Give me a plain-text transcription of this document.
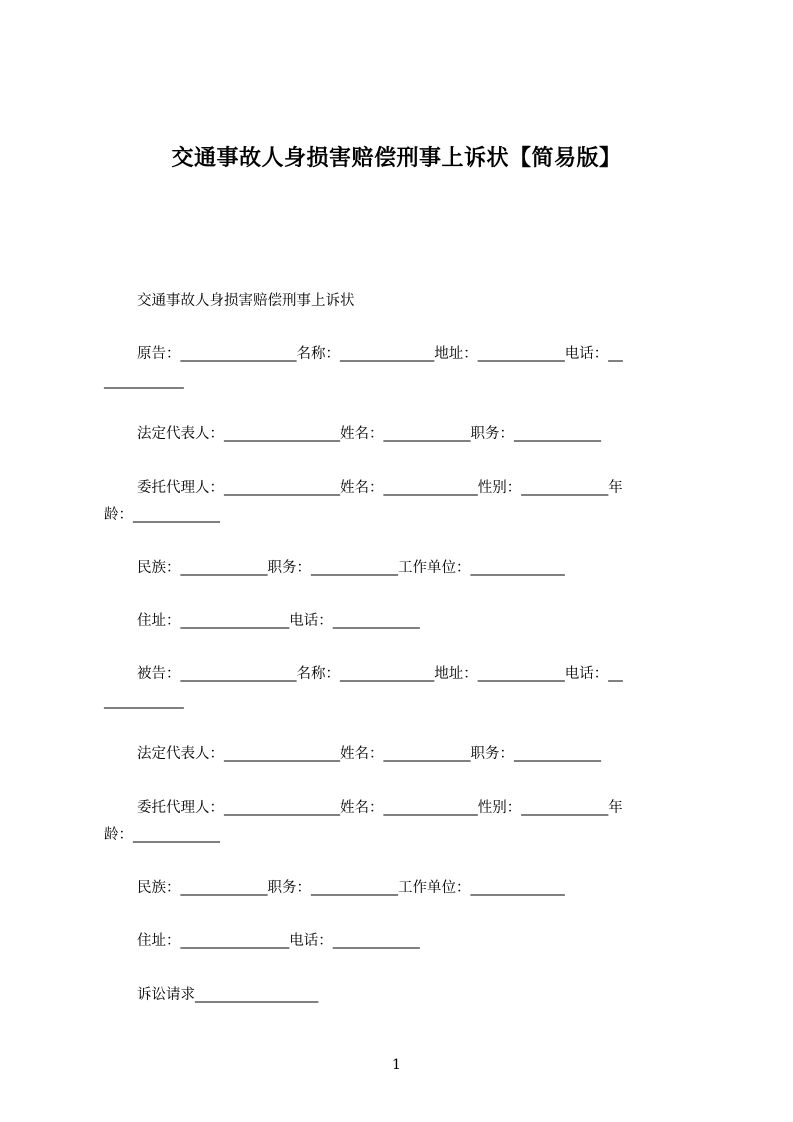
交通事故人身损害赔偿刑事上诉状【简易版】
交通事故人身损害赔偿刑事上诉状
原告：________________名称：_____________地址：____________电话：__
___________
法定代表人：________________姓名：____________职务：____________
委托代理人：________________姓名：_____________性别：____________年
龄：____________
民族：____________职务：____________工作单位：_____________
住址：_______________电话：____________
被告：________________名称：_____________地址：____________电话：__
___________
法定代表人：________________姓名：____________职务：____________
委托代理人：________________姓名：_____________性别：____________年
龄：____________
民族：____________职务：____________工作单位：_____________
住址：_______________电话：____________
诉讼请求_________________
1
